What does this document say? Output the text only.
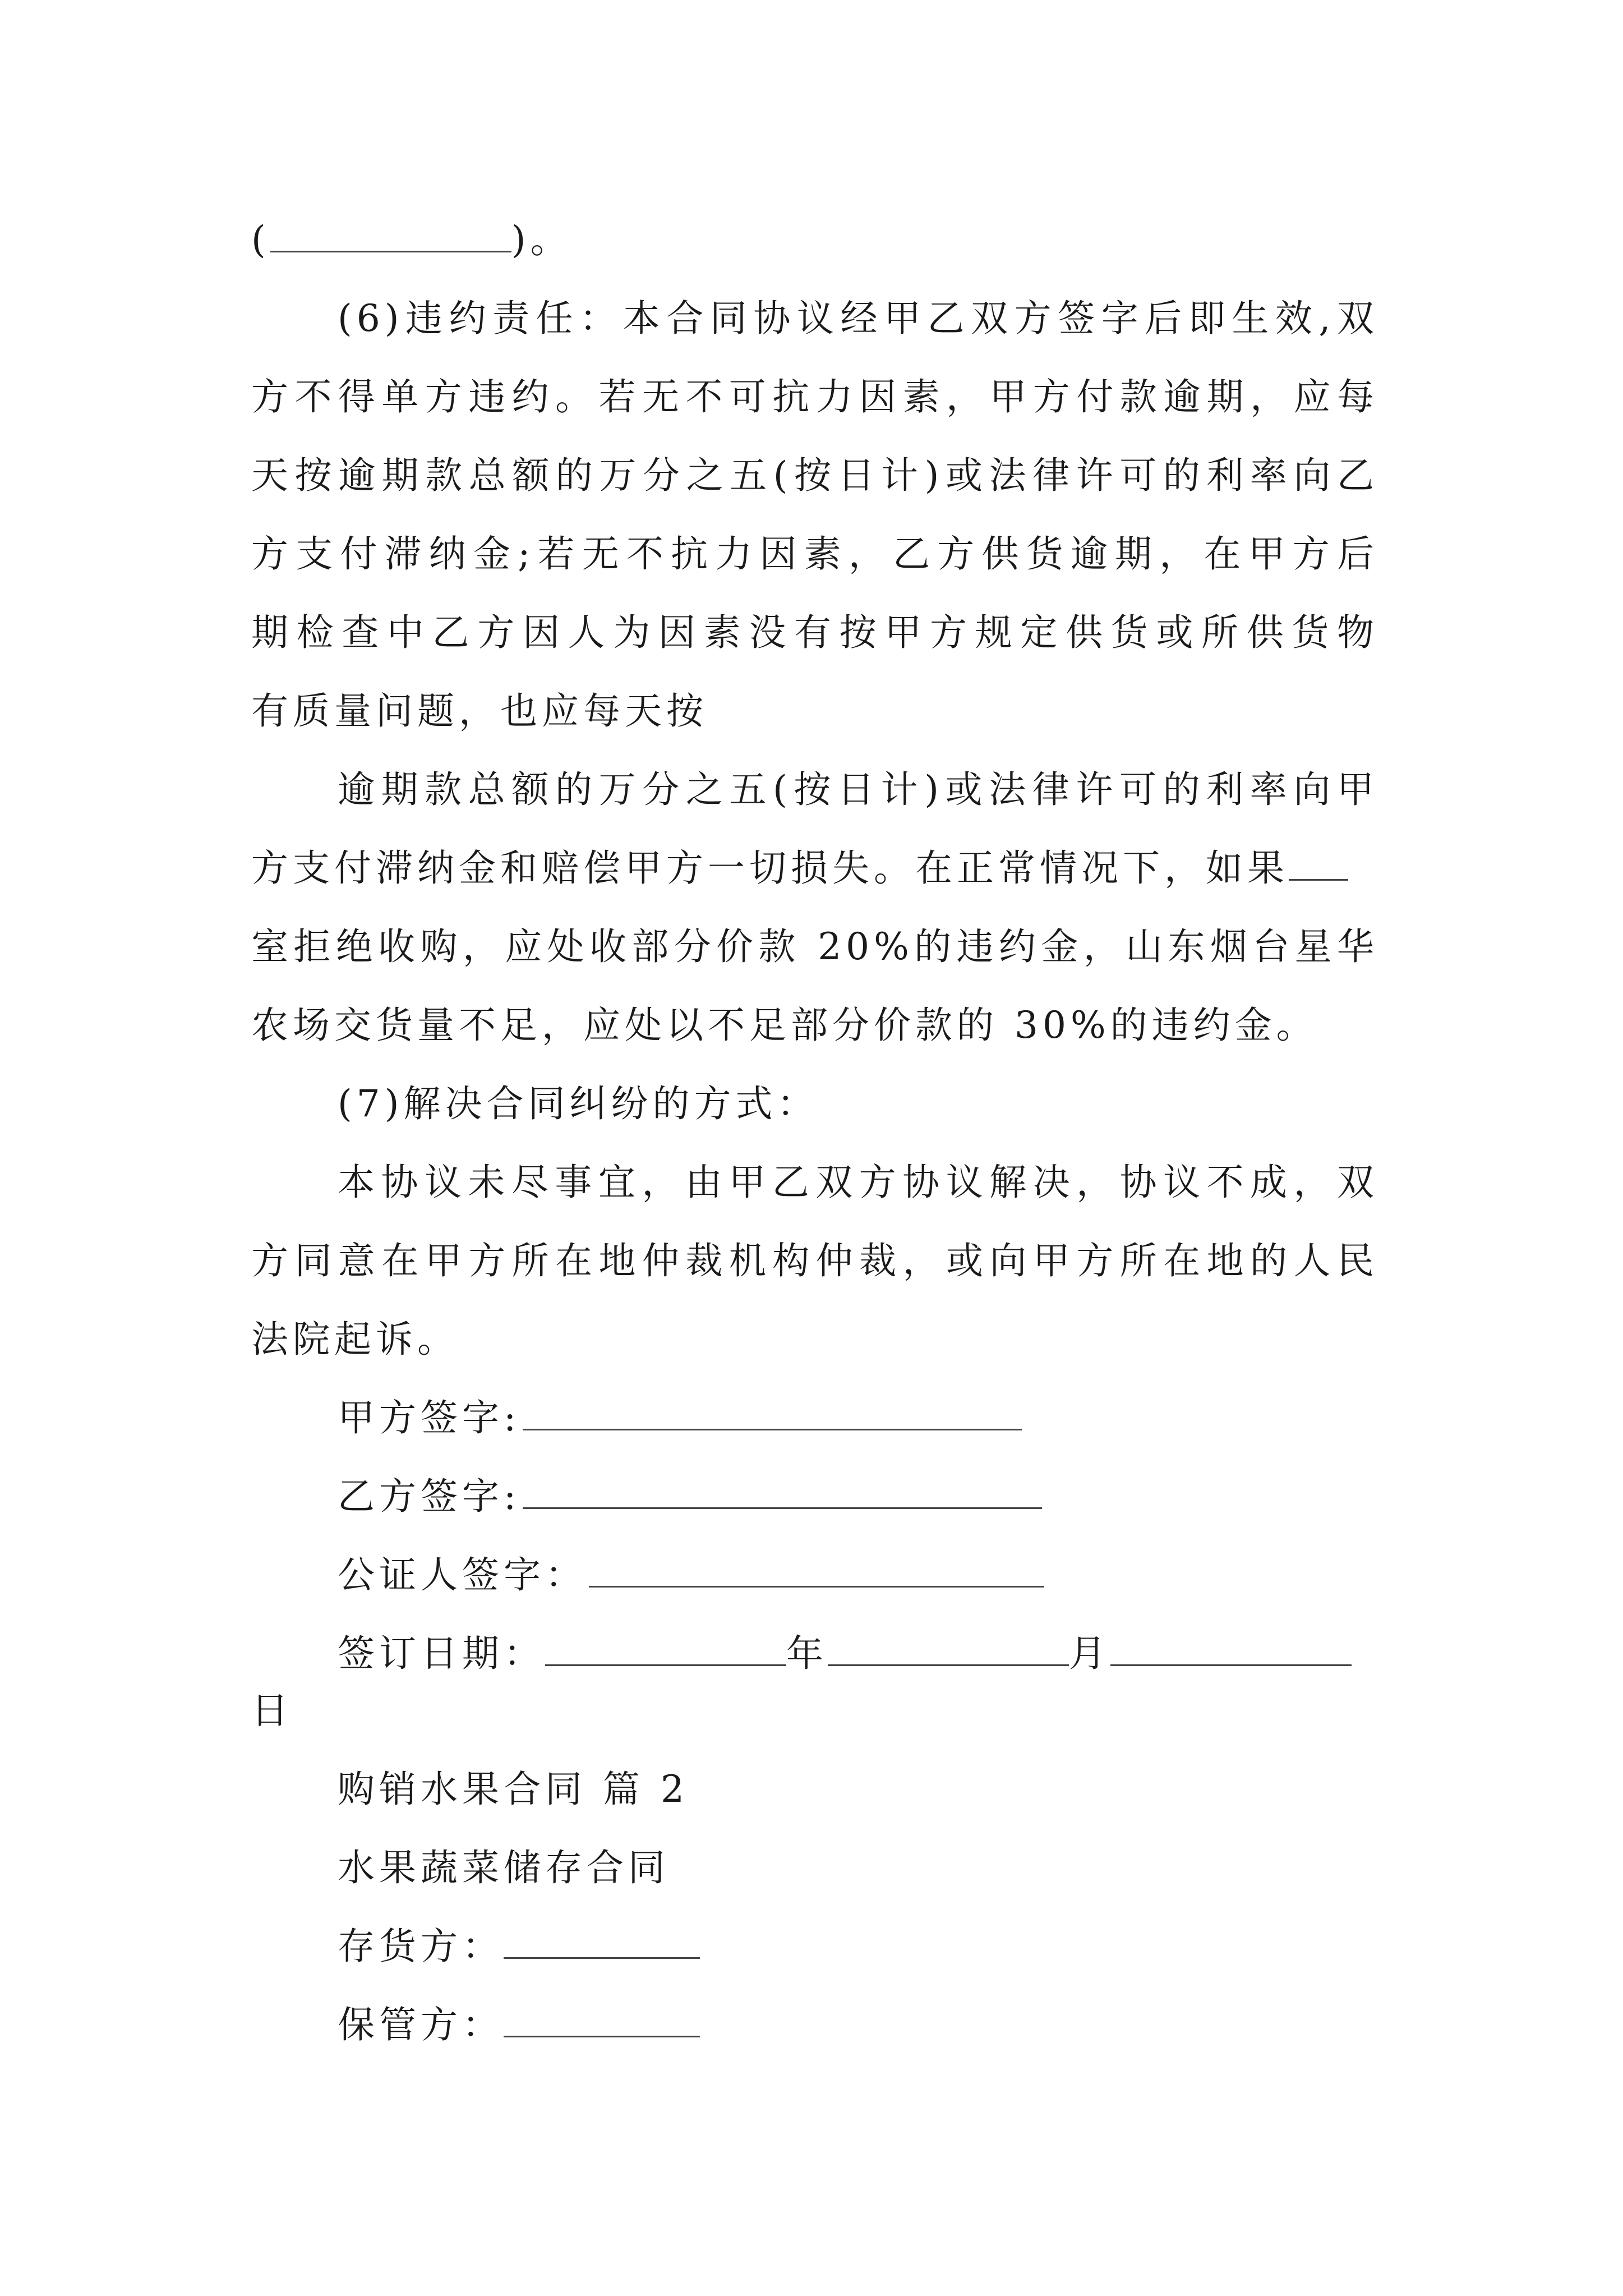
(	)。
(6)违约责任：本合同协议经甲乙双方签字后即生效,双
方不得单方违约。若无不可抗力因素，甲方付款逾期，应每
天按逾期款总额的万分之五(按日计)或法律许可的利率向乙
方支付滞纳金;若无不抗力因素，乙方供货逾期，在甲方后
期检查中乙方因人为因素没有按甲方规定供货或所供货物
有质量问题，也应每天按
逾期款总额的万分之五(按日计)或法律许可的利率向甲
方支付滞纳金和赔偿甲方一切损失。在正常情况下，如果
室拒绝收购，应处收部分价款 20%的违约金，山东烟台星华
农场交货量不足，应处以不足部分价款的 30%的违约金。
(7)解决合同纠纷的方式：
本协议未尽事宜，由甲乙双方协议解决，协议不成，双
方同意在甲方所在地仲裁机构仲裁，或向甲方所在地的人民
法院起诉。
甲方签字:
乙方签字:
公证人签字：
签订日期：	年	月
日
购销水果合同 篇 2
水果蔬菜储存合同
存货方：
保管方：
